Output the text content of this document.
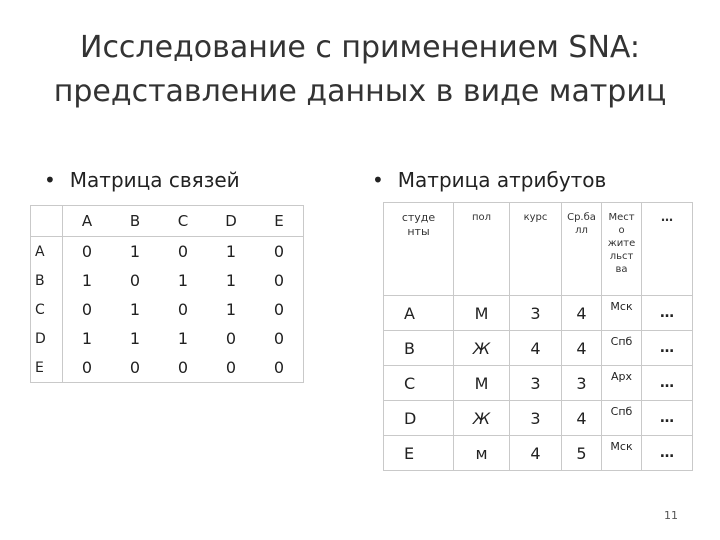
Исследование с применением SNA:
представление данных в виде матриц
• Матрица связей	• Матрица атрибутов
	A	B	C	D	E
A	0	1	0	1	0
B	1	0	1	1	0
C	0	1	0	1	0
D	1	1	1	0	0
E	0	0	0	0	0
студе
нты	пол	курс	Ср.ба
лл	Мест
о
жите
льст
ва	…
A	М	3	4	Мск	…
B	Ж	4	4	Спб	…
C	М	3	3	Арх	…
D	Ж	3	4	Спб	…
E	м	4	5	Мск	…
11
